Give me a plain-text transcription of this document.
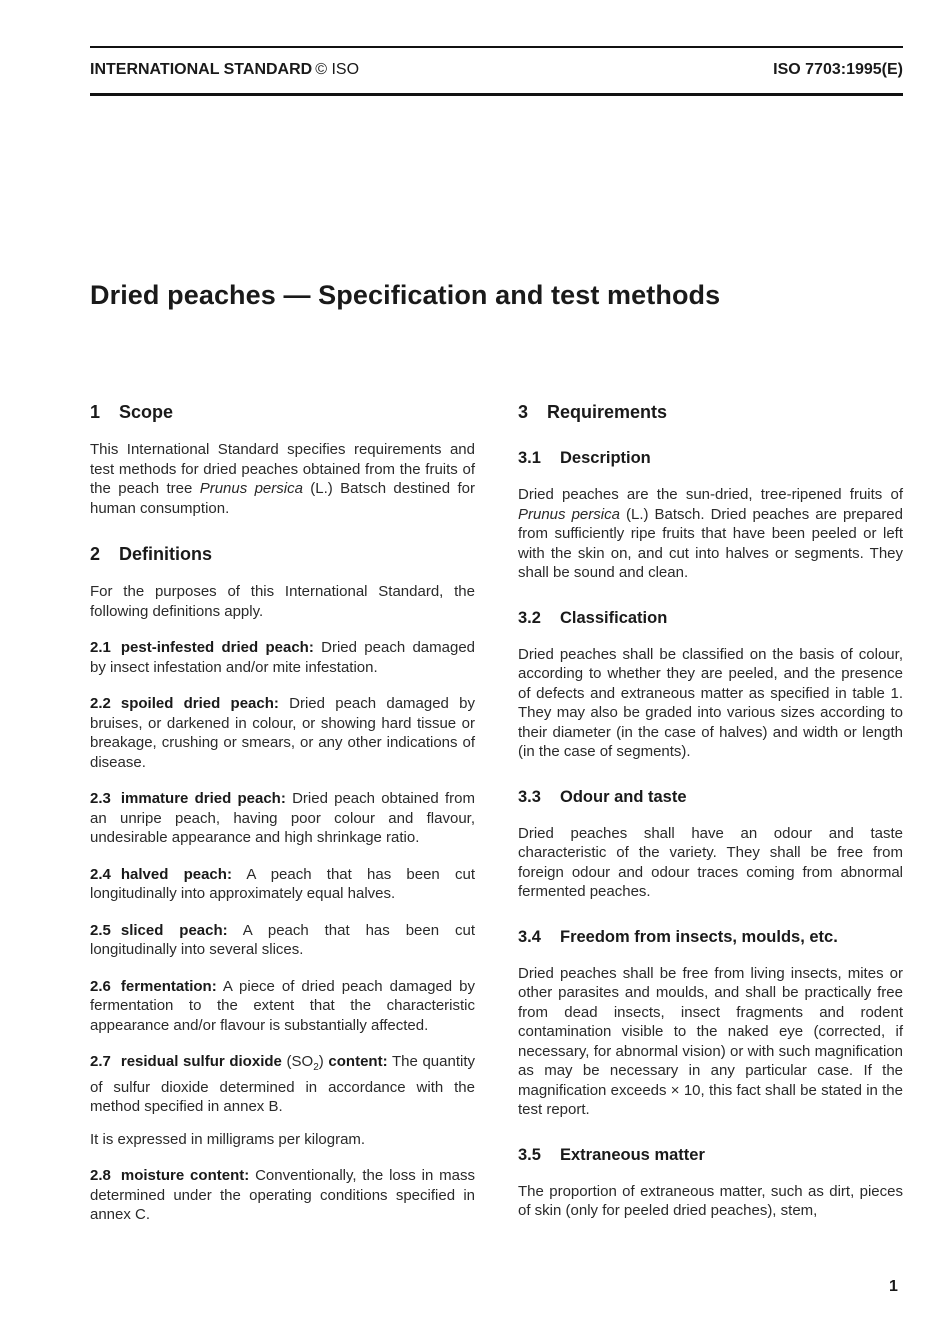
INTERNATIONAL STANDARD © ISO	ISO 7703:1995(E)
Dried peaches — Specification and test methods
1 Scope

This International Standard specifies requirements and test methods for dried peaches obtained from the fruits of the peach tree Prunus persica (L.) Batsch destined for human consumption.

2 Definitions

For the purposes of this International Standard, the following definitions apply.

2.1 pest-infested dried peach: Dried peach damaged by insect infestation and/or mite infestation.

2.2 spoiled dried peach: Dried peach damaged by bruises, or darkened in colour, or showing hard tissue or breakage, crushing or smears, or any other indications of disease.

2.3 immature dried peach: Dried peach obtained from an unripe peach, having poor colour and flavour, undesirable appearance and high shrinkage ratio.

2.4 halved peach: A peach that has been cut longitudinally into approximately equal halves.

2.5 sliced peach: A peach that has been cut longitudinally into several slices.

2.6 fermentation: A piece of dried peach damaged by fermentation to the extent that the characteristic appearance and/or flavour is substantially affected.

2.7 residual sulfur dioxide $(SO_2)$ content: The quantity of sulfur dioxide determined in accordance with the method specified in annex B.

It is expressed in milligrams per kilogram.

2.8 moisture content: Conventionally, the loss in mass determined under the operating conditions specified in annex C.

3 Requirements
3.1 Description

Dried peaches are the sun-dried, tree-ripened fruits of Prunus persica (L.) Batsch. Dried peaches are prepared from sufficiently ripe fruits that have been peeled or left with the skin on, and cut into halves or segments. They shall be sound and clean.

3.2 Classification

Dried peaches shall be classified on the basis of colour, according to whether they are peeled, and the presence of defects and extraneous matter as specified in table 1. They may also be graded into various sizes according to their diameter (in the case of halves) and width or length (in the case of segments).

3.3 Odour and taste

Dried peaches shall have an odour and taste characteristic of the variety. They shall be free from foreign odour and odour traces coming from abnormal fermented peaches.

3.4 Freedom from insects, moulds, etc.

Dried peaches shall be free from living insects, mites or other parasites and moulds, and shall be practically free from dead insects, insect fragments and rodent contamination visible to the naked eye (corrected, if necessary, for abnormal vision) or with such magnification as may be necessary in any particular case. If the magnification exceeds × 10, this fact shall be stated in the test report.

3.5 Extraneous matter

The proportion of extraneous matter, such as dirt, pieces of skin (only for peeled dried peaches), stem,

1
